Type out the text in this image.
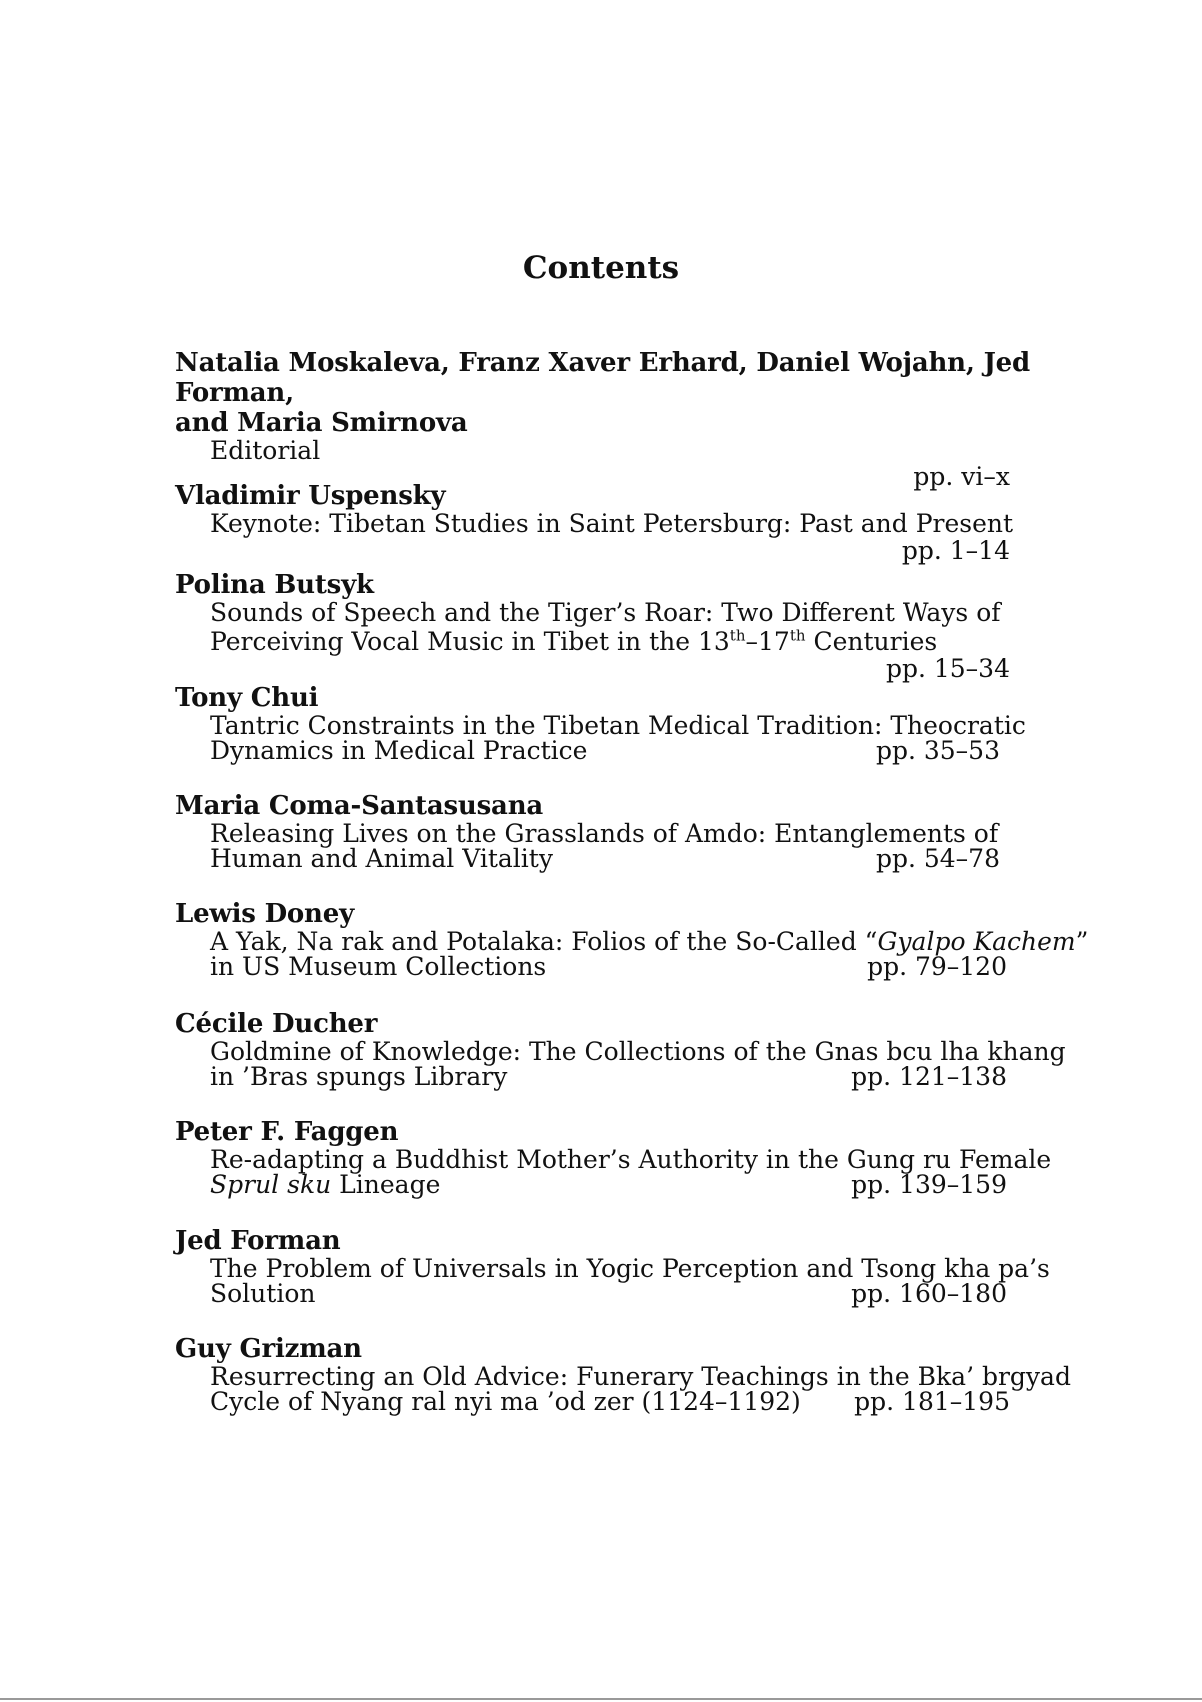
Contents
Natalia Moskaleva, Franz Xaver Erhard, Daniel Wojahn, Jed Forman,
and Maria Smirnova
Editorial
pp. vi–x
Vladimir Uspensky
Keynote: Tibetan Studies in Saint Petersburg: Past and Present
pp. 1–14
Polina Butsyk
Sounds of Speech and the Tiger’s Roar: Two Different Ways of
Perceiving Vocal Music in Tibet in the 13th–17th Centuries
pp. 15–34
Tony Chui
Tantric Constraints in the Tibetan Medical Tradition: Theocratic
Dynamics in Medical Practice	pp. 35–53
Maria Coma-Santasusana
Releasing Lives on the Grasslands of Amdo: Entanglements of
Human and Animal Vitality	pp. 54–78
Lewis Doney
A Yak, Na rak and Potalaka: Folios of the So-Called “Gyalpo Kachem”
in US Museum Collections	pp. 79–120
Cécile Ducher
Goldmine of Knowledge: The Collections of the Gnas bcu lha khang
in ’Bras spungs Library	pp. 121–138
Peter F. Faggen
Re-adapting a Buddhist Mother’s Authority in the Gung ru Female
Sprul sku Lineage	pp. 139–159
Jed Forman
The Problem of Universals in Yogic Perception and Tsong kha pa’s
Solution	pp. 160–180
Guy Grizman
Resurrecting an Old Advice: Funerary Teachings in the Bka’ brgyad
Cycle of Nyang ral nyi ma ’od zer (1124–1192) pp. 181–195
